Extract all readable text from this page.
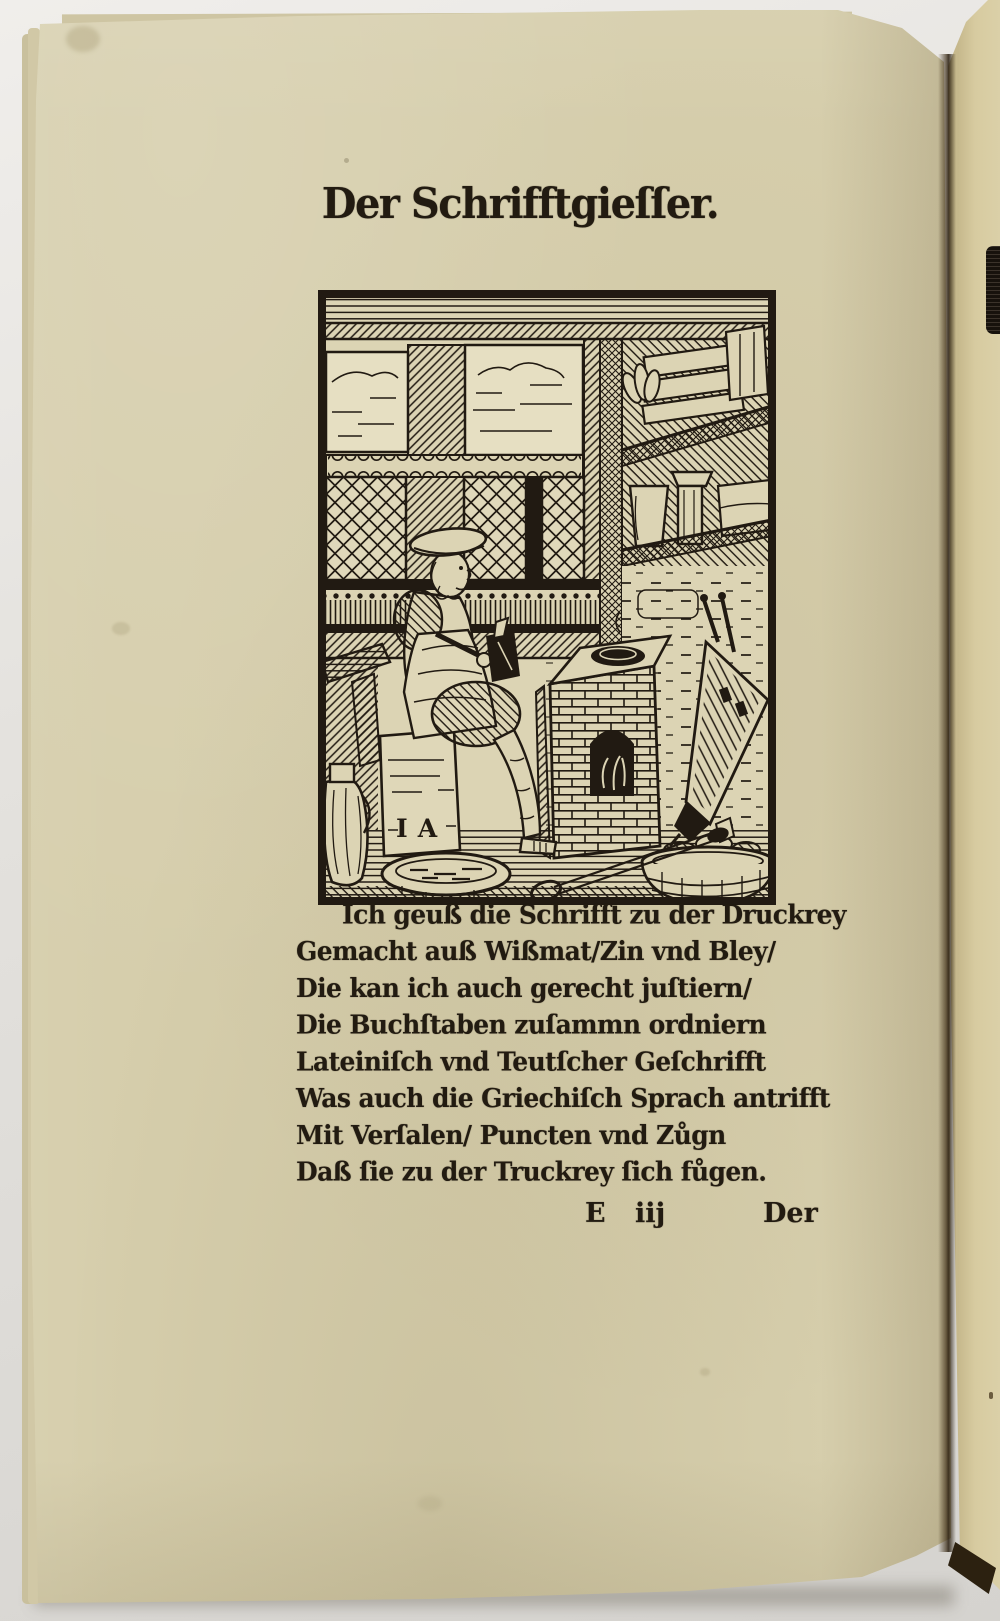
Der Schrifftgieſſer.
IA
Ich geuß die Schrifft zu der Druckrey
Gemacht auß Wißmat/Zin vnd Bley/
Die kan ich auch gerecht juſtiern/
Die Buchſtaben zuſammn ordniern
Lateiniſch vnd Teutſcher Geſchrifft
Was auch die Griechiſch Sprach antrifft
Mit Verſalen/ Puncten vnd Zůgn
Daß ſie zu der Truckrey ſich fůgen.
E iij	Der
